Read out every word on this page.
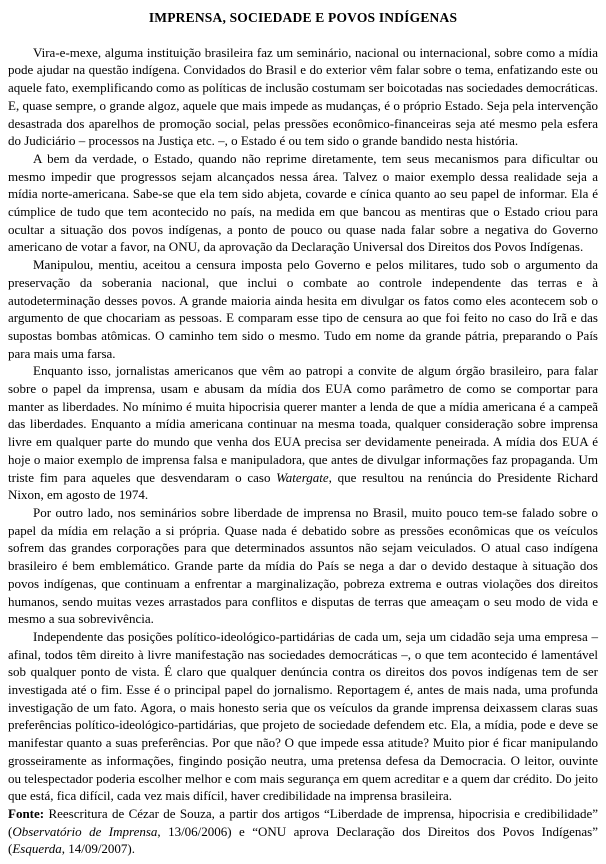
IMPRENSA, SOCIEDADE E POVOS INDÍGENAS

Vira-e-mexe, alguma instituição brasileira faz um seminário, nacional ou internacional, sobre como a mídia pode ajudar na questão indígena. Convidados do Brasil e do exterior vêm falar sobre o tema, enfatizando este ou aquele fato, exemplificando como as políticas de inclusão costumam ser boicotadas nas sociedades democráticas. E, quase sempre, o grande algoz, aquele que mais impede as mudanças, é o próprio Estado. Seja pela intervenção desastrada dos aparelhos de promoção social, pelas pressões econômico-financeiras seja até mesmo pela esfera do Judiciário – processos na Justiça etc. –, o Estado é ou tem sido o grande bandido nesta história.

A bem da verdade, o Estado, quando não reprime diretamente, tem seus mecanismos para dificultar ou mesmo impedir que progressos sejam alcançados nessa área. Talvez o maior exemplo dessa realidade seja a mídia norte-americana. Sabe-se que ela tem sido abjeta, covarde e cínica quanto ao seu papel de informar. Ela é cúmplice de tudo que tem acontecido no país, na medida em que bancou as mentiras que o Estado criou para ocultar a situação dos povos indígenas, a ponto de pouco ou quase nada falar sobre a negativa do Governo americano de votar a favor, na ONU, da aprovação da Declaração Universal dos Direitos dos Povos Indígenas.

Manipulou, mentiu, aceitou a censura imposta pelo Governo e pelos militares, tudo sob o argumento da preservação da soberania nacional, que inclui o combate ao controle independente das terras e à autodeterminação desses povos. A grande maioria ainda hesita em divulgar os fatos como eles acontecem sob o argumento de que chocariam as pessoas. E comparam esse tipo de censura ao que foi feito no caso do Irã e das supostas bombas atômicas. O caminho tem sido o mesmo. Tudo em nome da grande pátria, preparando o País para mais uma farsa.

Enquanto isso, jornalistas americanos que vêm ao patropi a convite de algum órgão brasileiro, para falar sobre o papel da imprensa, usam e abusam da mídia dos EUA como parâmetro de como se comportar para manter as liberdades. No mínimo é muita hipocrisia querer manter a lenda de que a mídia americana é a campeã das liberdades. Enquanto a mídia americana continuar na mesma toada, qualquer consideração sobre imprensa livre em qualquer parte do mundo que venha dos EUA precisa ser devidamente peneirada. A mídia dos EUA é hoje o maior exemplo de imprensa falsa e manipuladora, que antes de divulgar informações faz propaganda. Um triste fim para aqueles que desvendaram o caso Watergate, que resultou na renúncia do Presidente Richard Nixon, em agosto de 1974.

Por outro lado, nos seminários sobre liberdade de imprensa no Brasil, muito pouco tem-se falado sobre o papel da mídia em relação a si própria. Quase nada é debatido sobre as pressões econômicas que os veículos sofrem das grandes corporações para que determinados assuntos não sejam veiculados. O atual caso indígena brasileiro é bem emblemático. Grande parte da mídia do País se nega a dar o devido destaque à situação dos povos indígenas, que continuam a enfrentar a marginalização, pobreza extrema e outras violações dos direitos humanos, sendo muitas vezes arrastados para conflitos e disputas de terras que ameaçam o seu modo de vida e mesmo a sua sobrevivência.

Independente das posições político-ideológico-partidárias de cada um, seja um cidadão seja uma empresa – afinal, todos têm direito à livre manifestação nas sociedades democráticas –, o que tem acontecido é lamentável sob qualquer ponto de vista. É claro que qualquer denúncia contra os direitos dos povos indígenas tem de ser investigada até o fim. Esse é o principal papel do jornalismo. Reportagem é, antes de mais nada, uma profunda investigação de um fato. Agora, o mais honesto seria que os veículos da grande imprensa deixassem claras suas preferências político-ideológico-partidárias, que projeto de sociedade defendem etc. Ela, a mídia, pode e deve se manifestar quanto a suas preferências. Por que não? O que impede essa atitude? Muito pior é ficar manipulando grosseiramente as informações, fingindo posição neutra, uma pretensa defesa da Democracia. O leitor, ouvinte ou telespectador poderia escolher melhor e com mais segurança em quem acreditar e a quem dar crédito. Do jeito que está, fica difícil, cada vez mais difícil, haver credibilidade na imprensa brasileira.

Fonte: Reescritura de Cézar de Souza, a partir dos artigos “Liberdade de imprensa, hipocrisia e credibilidade” (Observatório de Imprensa, 13/06/2006) e “ONU aprova Declaração dos Direitos dos Povos Indígenas” (Esquerda, 14/09/2007).
